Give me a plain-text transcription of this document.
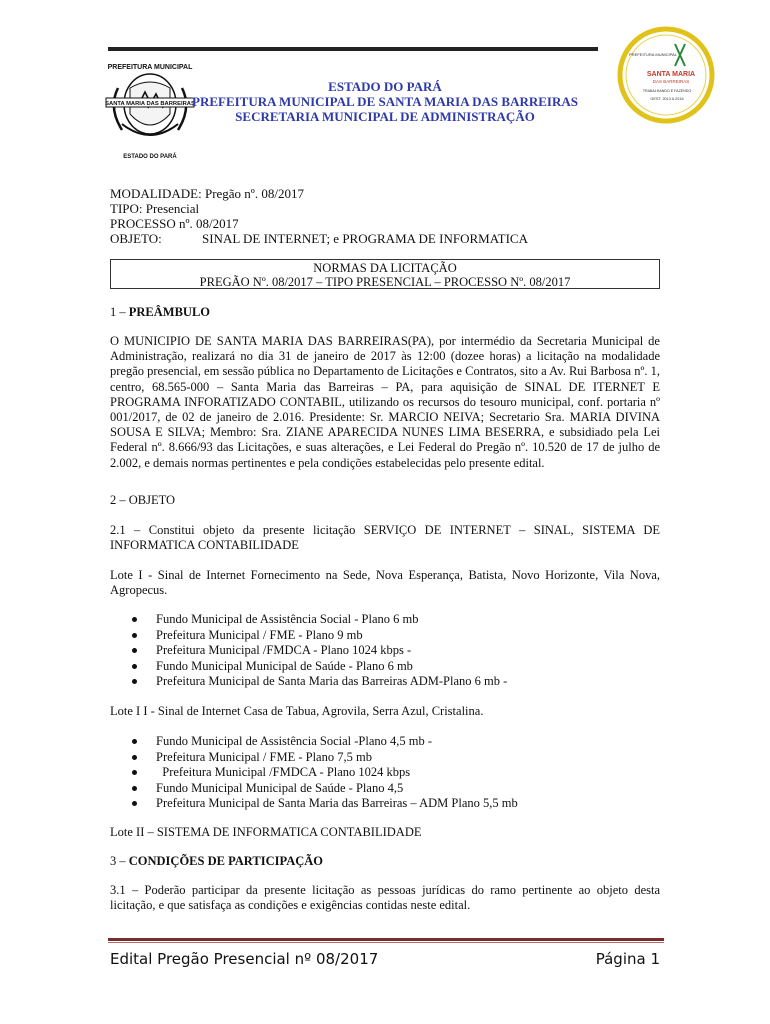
PREFEITURA MUNICIPAL
SANTA MARIA DAS BARREIRAS
ESTADO DO PARÁ
PREFEITURA MUNICIPAL
SANTA MARIA
DAS BARREIRAS
TRABALHANDO E FAZENDO
GEST. 2013 A 2016
ESTADO DO PARÁ
PREFEITURA MUNICIPAL DE SANTA MARIA DAS BARREIRAS
SECRETARIA MUNICIPAL DE ADMINISTRAÇÃO
MODALIDADE: Pregão nº. 08/2017
TIPO: Presencial
PROCESSO nº. 08/2017
OBJETO:	SINAL DE INTERNET; e PROGRAMA DE INFORMATICA
NORMAS DA LICITAÇÃO
PREGÃO Nº. 08/2017 – TIPO PRESENCIAL – PROCESSO Nº. 08/2017
1 – PREÂMBULO
O MUNICIPIO DE SANTA MARIA DAS BARREIRAS(PA), por intermédio da Secretaria Municipal de Administração, realizará no dia 31 de janeiro de 2017 às 12:00 (dozee horas) a licitação na modalidade pregão presencial, em sessão pública no Departamento de Licitações e Contratos, sito a Av. Rui Barbosa nº. 1, centro, 68.565-000 – Santa Maria das Barreiras – PA, para aquisição de SINAL DE ITERNET E PROGRAMA INFORATIZADO CONTABIL, utilizando os recursos do tesouro municipal, conf. portaria nº 001/2017, de 02 de janeiro de 2.016. Presidente: Sr. MARCIO NEIVA; Secretario Sra. MARIA DIVINA SOUSA E SILVA; Membro: Sra. ZIANE APARECIDA NUNES LIMA BESERRA, e subsidiado pela Lei Federal nº. 8.666/93 das Licitações, e suas alterações, e Lei Federal do Pregão nº. 10.520 de 17 de julho de 2.002, e demais normas pertinentes e pela condições estabelecidas pelo presente edital.
2 – OBJETO
2.1 – Constitui objeto da presente licitação SERVIÇO DE INTERNET – SINAL, SISTEMA DE INFORMATICA CONTABILIDADE
Lote I - Sinal de Internet Fornecimento na Sede, Nova Esperança, Batista, Novo Horizonte, Vila Nova, Agropecus.
Fundo Municipal de Assistência Social - Plano 6 mb
Prefeitura Municipal / FME - Plano 9 mb
Prefeitura Municipal /FMDCA - Plano 1024 kbps -
Fundo Municipal Municipal de Saúde - Plano 6 mb
Prefeitura Municipal de Santa Maria das Barreiras ADM-Plano 6 mb -
Lote I I - Sinal de Internet Casa de Tabua, Agrovila, Serra Azul, Cristalina.
Fundo Municipal de Assistência Social -Plano 4,5 mb -
Prefeitura Municipal / FME - Plano 7,5 mb
Prefeitura Municipal /FMDCA - Plano 1024 kbps
Fundo Municipal Municipal de Saúde - Plano 4,5
Prefeitura Municipal de Santa Maria das Barreiras – ADM Plano 5,5 mb
Lote II – SISTEMA DE INFORMATICA CONTABILIDADE
3 – CONDIÇÕES DE PARTICIPAÇÃO
3.1 – Poderão participar da presente licitação as pessoas jurídicas do ramo pertinente ao objeto desta licitação, e que satisfaça as condições e exigências contidas neste edital.
Edital Pregão Presencial nº 08/2017	Página 1
